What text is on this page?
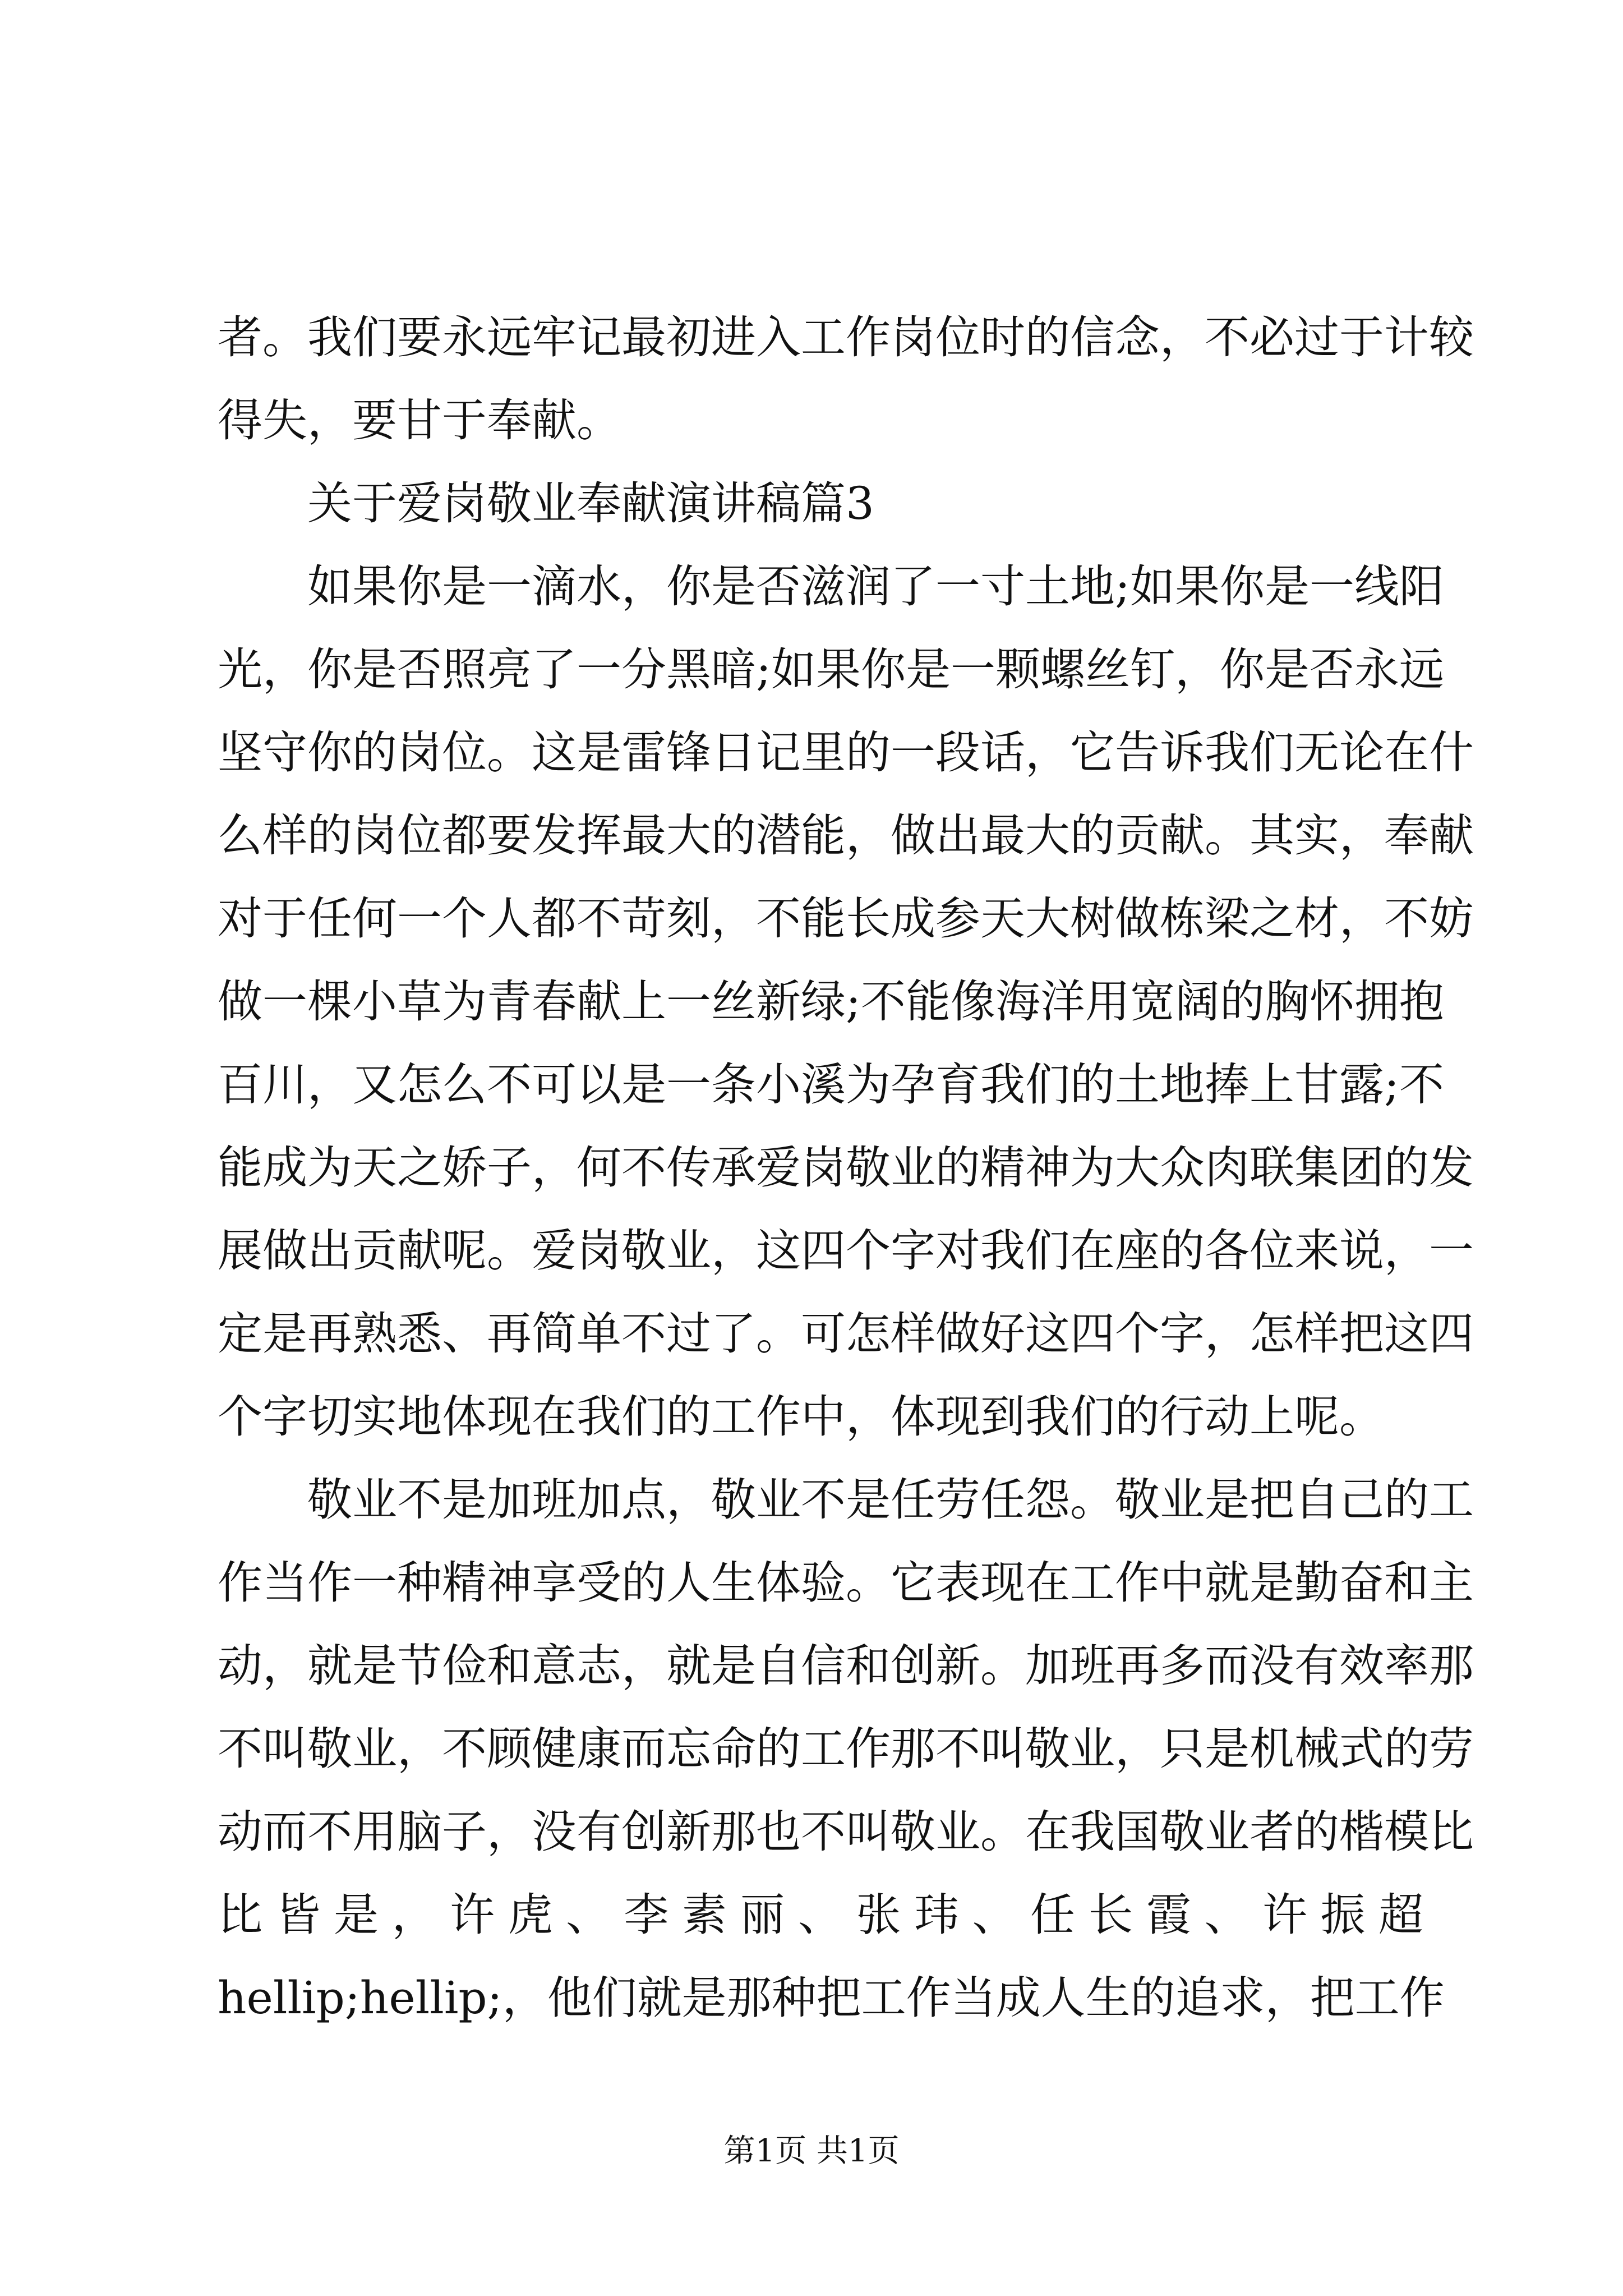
者。我们要永远牢记最初进入工作岗位时的信念，不必过于计较
得失，要甘于奉献。
关于爱岗敬业奉献演讲稿篇3
如果你是一滴水，你是否滋润了一寸土地;如果你是一线阳
光，你是否照亮了一分黑暗;如果你是一颗螺丝钉，你是否永远
坚守你的岗位。这是雷锋日记里的一段话，它告诉我们无论在什
么样的岗位都要发挥最大的潜能，做出最大的贡献。其实，奉献
对于任何一个人都不苛刻，不能长成参天大树做栋梁之材，不妨
做一棵小草为青春献上一丝新绿;不能像海洋用宽阔的胸怀拥抱
百川，又怎么不可以是一条小溪为孕育我们的土地捧上甘露;不
能成为天之娇子，何不传承爱岗敬业的精神为大众肉联集团的发
展做出贡献呢。爱岗敬业，这四个字对我们在座的各位来说，一
定是再熟悉、再简单不过了。可怎样做好这四个字，怎样把这四
个字切实地体现在我们的工作中，体现到我们的行动上呢。
敬业不是加班加点，敬业不是任劳任怨。敬业是把自己的工
作当作一种精神享受的人生体验。它表现在工作中就是勤奋和主
动，就是节俭和意志，就是自信和创新。加班再多而没有效率那
不叫敬业，不顾健康而忘命的工作那不叫敬业，只是机械式的劳
动而不用脑子，没有创新那也不叫敬业。在我国敬业者的楷模比
比皆是，许虎、李素丽、张玮、任长霞、许振超
hellip;hellip;，他们就是那种把工作当成人生的追求，把工作
第1页 共1页
